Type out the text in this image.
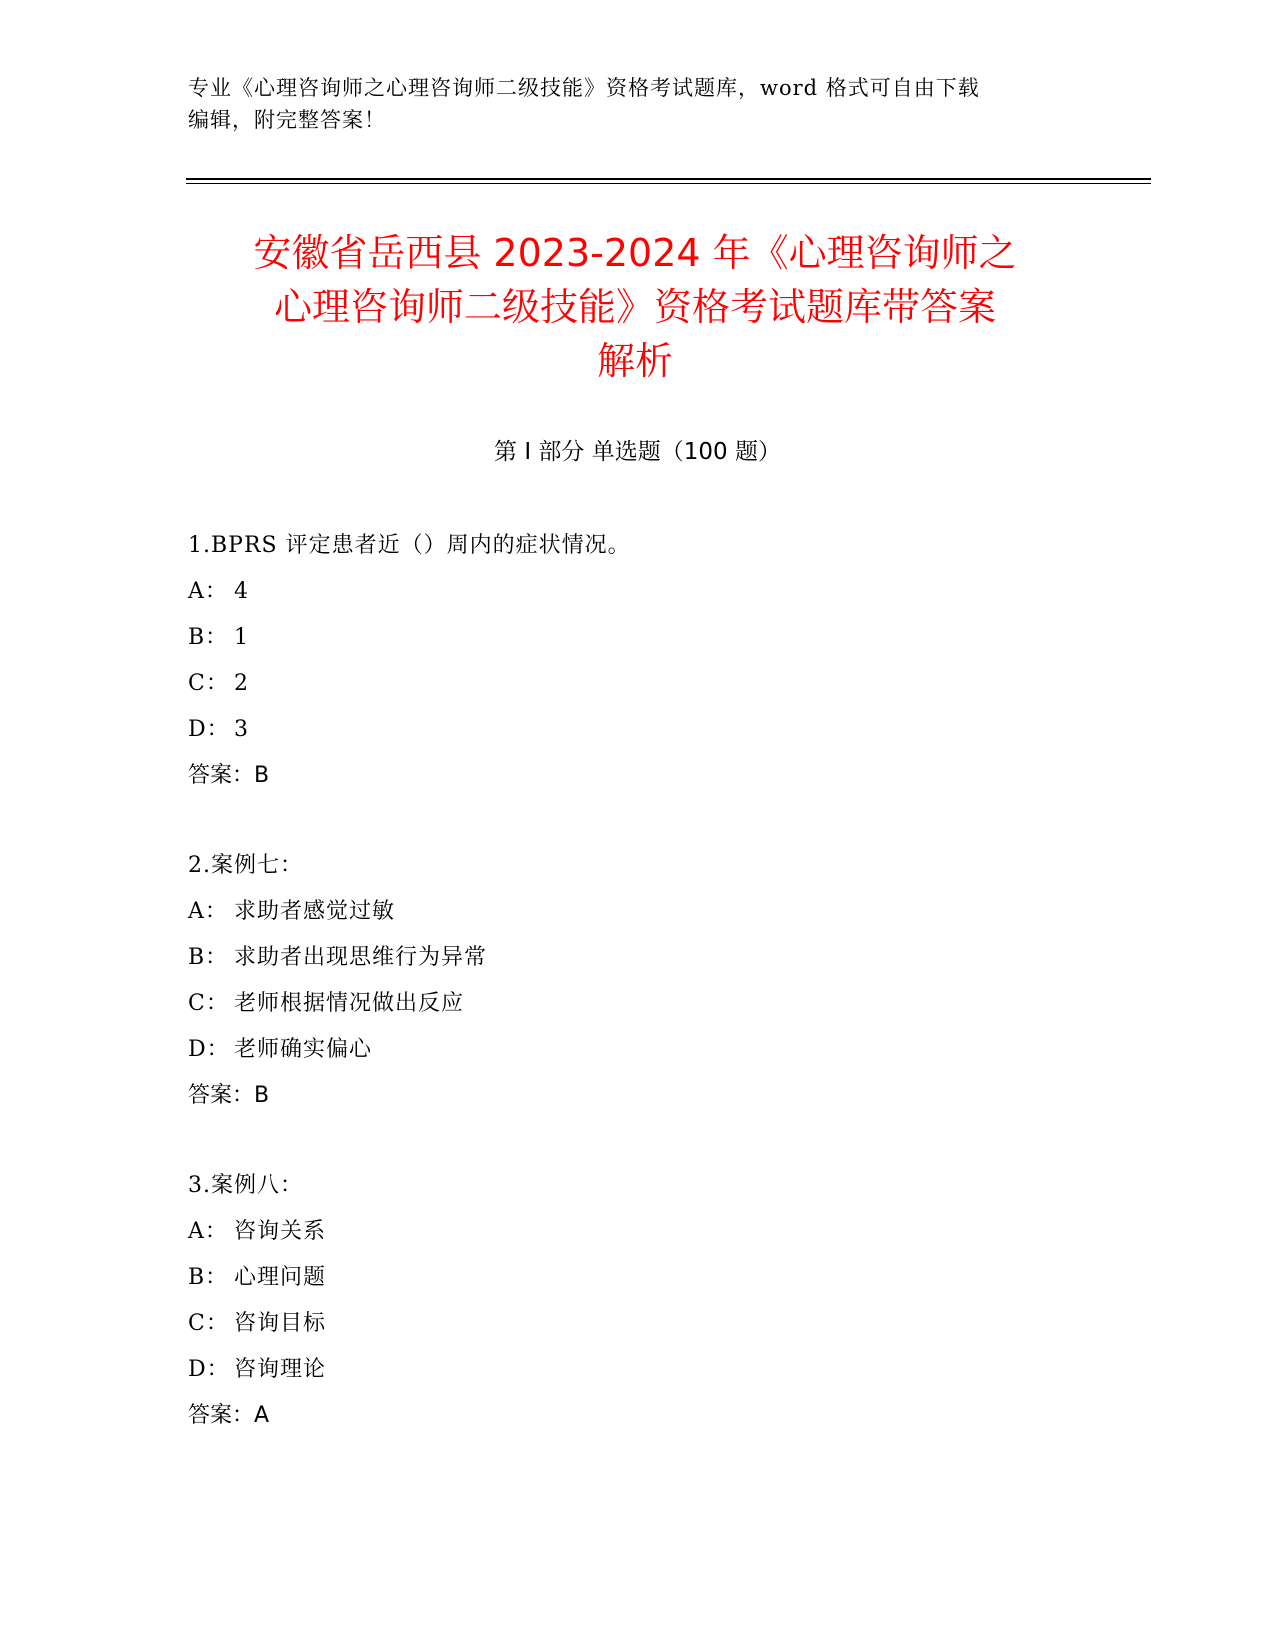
专业《心理咨询师之心理咨询师二级技能》资格考试题库，word 格式可自由下载
编辑，附完整答案！
安徽省岳西县 2023-2024 年《心理咨询师之
心理咨询师二级技能》资格考试题库带答案
解析
第 I 部分 单选题（100 题）
1.BPRS 评定患者近（）周内的症状情况。
A： 4
B： 1
C： 2
D： 3
答案：B
2.案例七：
A： 求助者感觉过敏
B： 求助者出现思维行为异常
C： 老师根据情况做出反应
D： 老师确实偏心
答案：B
3.案例八：
A： 咨询关系
B： 心理问题
C： 咨询目标
D： 咨询理论
答案：A
